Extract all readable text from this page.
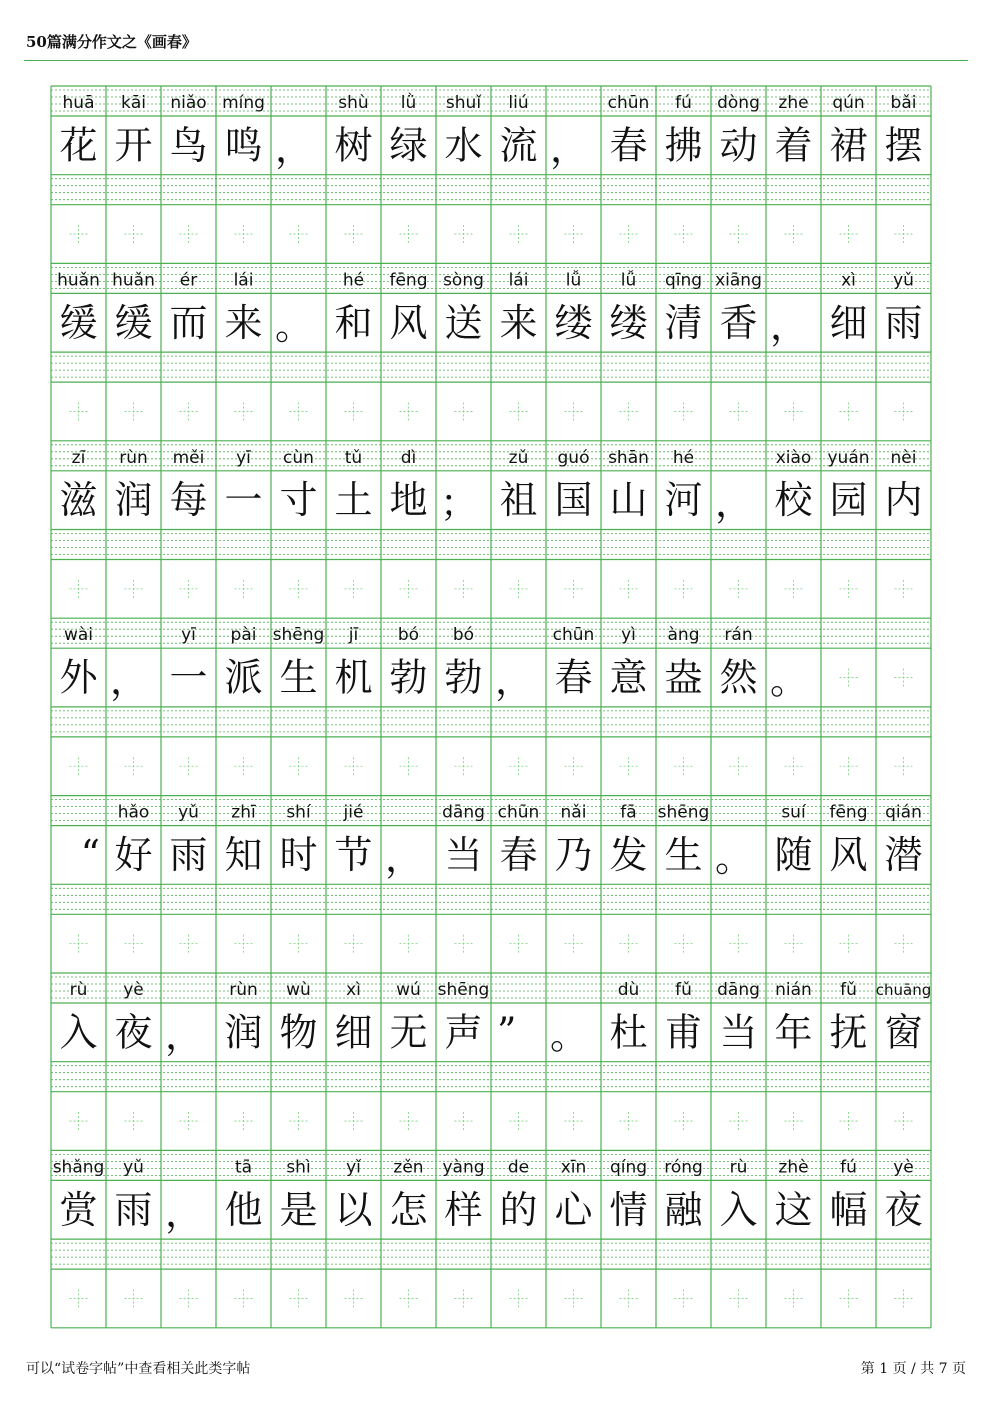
50篇满分作文之《画春》
huā
花
kāi
开
niǎo
鸟
míng
鸣 ，
shù
树
lǜ
绿
shuǐ
水
liú
流 ，
chūn
春
fú
拂
dòng
动
zhe
着
qún
裙
bǎi
摆
huǎn
缓
huǎn
缓
ér
而
lái
来 。
hé
和
fēng
风
sòng
送
lái
来
lǚ
缕
lǚ
缕
qīng
清
xiāng
香 ，
xì
细
yǔ
雨
zī
滋
rùn
润
měi
每
yī
一
cùn
寸
tǔ
土
dì
地 ；
zǔ
祖
guó
国
shān
山
hé
河 ，
xiào
校
yuán
园
nèi
内
wài
外 ，
yī
一
pài
派
shēng
生
jī
机
bó
勃
bó
勃 ，
chūn
春
yì
意
àng
盎
rán
然 。
“
hǎo
好
yǔ
雨
zhī
知
shí
时
jié
节 ，
dāng
当
chūn
春
nǎi
乃
fā
发
shēng
生 。
suí
随
fēng
风
qián
潜
rù
入
yè
夜 ，
rùn
润
wù
物
xì
细
wú
无
shēng
声 ” 。
dù
杜
fǔ
甫
dāng
当
nián
年
fǔ
抚
chuāng
窗
shǎng
赏
yǔ
雨 ，
tā
他
shì
是
yǐ
以
zěn
怎
yàng
样
de
的
xīn
心
qíng
情
róng
融
rù
入
zhè
这
fú
幅
yè
夜
可以“试卷字帖”中查看相关此类字帖	第 1 页 / 共 7 页
